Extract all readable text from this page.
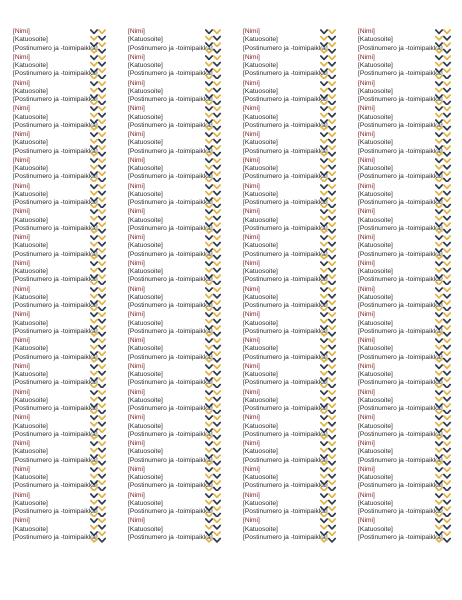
[Nimi]
[Katuosoite]
[Postinumero ja -toimipaikka]
[Nimi]
[Katuosoite]
[Postinumero ja -toimipaikka]
[Nimi]
[Katuosoite]
[Postinumero ja -toimipaikka]
[Nimi]
[Katuosoite]
[Postinumero ja -toimipaikka]
[Nimi]
[Katuosoite]
[Postinumero ja -toimipaikka]
[Nimi]
[Katuosoite]
[Postinumero ja -toimipaikka]
[Nimi]
[Katuosoite]
[Postinumero ja -toimipaikka]
[Nimi]
[Katuosoite]
[Postinumero ja -toimipaikka]
[Nimi]
[Katuosoite]
[Postinumero ja -toimipaikka]
[Nimi]
[Katuosoite]
[Postinumero ja -toimipaikka]
[Nimi]
[Katuosoite]
[Postinumero ja -toimipaikka]
[Nimi]
[Katuosoite]
[Postinumero ja -toimipaikka]
[Nimi]
[Katuosoite]
[Postinumero ja -toimipaikka]
[Nimi]
[Katuosoite]
[Postinumero ja -toimipaikka]
[Nimi]
[Katuosoite]
[Postinumero ja -toimipaikka]
[Nimi]
[Katuosoite]
[Postinumero ja -toimipaikka]
[Nimi]
[Katuosoite]
[Postinumero ja -toimipaikka]
[Nimi]
[Katuosoite]
[Postinumero ja -toimipaikka]
[Nimi]
[Katuosoite]
[Postinumero ja -toimipaikka]
[Nimi]
[Katuosoite]
[Postinumero ja -toimipaikka]
[Nimi]
[Katuosoite]
[Postinumero ja -toimipaikka]
[Nimi]
[Katuosoite]
[Postinumero ja -toimipaikka]
[Nimi]
[Katuosoite]
[Postinumero ja -toimipaikka]
[Nimi]
[Katuosoite]
[Postinumero ja -toimipaikka]
[Nimi]
[Katuosoite]
[Postinumero ja -toimipaikka]
[Nimi]
[Katuosoite]
[Postinumero ja -toimipaikka]
[Nimi]
[Katuosoite]
[Postinumero ja -toimipaikka]
[Nimi]
[Katuosoite]
[Postinumero ja -toimipaikka]
[Nimi]
[Katuosoite]
[Postinumero ja -toimipaikka]
[Nimi]
[Katuosoite]
[Postinumero ja -toimipaikka]
[Nimi]
[Katuosoite]
[Postinumero ja -toimipaikka]
[Nimi]
[Katuosoite]
[Postinumero ja -toimipaikka]
[Nimi]
[Katuosoite]
[Postinumero ja -toimipaikka]
[Nimi]
[Katuosoite]
[Postinumero ja -toimipaikka]
[Nimi]
[Katuosoite]
[Postinumero ja -toimipaikka]
[Nimi]
[Katuosoite]
[Postinumero ja -toimipaikka]
[Nimi]
[Katuosoite]
[Postinumero ja -toimipaikka]
[Nimi]
[Katuosoite]
[Postinumero ja -toimipaikka]
[Nimi]
[Katuosoite]
[Postinumero ja -toimipaikka]
[Nimi]
[Katuosoite]
[Postinumero ja -toimipaikka]
[Nimi]
[Katuosoite]
[Postinumero ja -toimipaikka]
[Nimi]
[Katuosoite]
[Postinumero ja -toimipaikka]
[Nimi]
[Katuosoite]
[Postinumero ja -toimipaikka]
[Nimi]
[Katuosoite]
[Postinumero ja -toimipaikka]
[Nimi]
[Katuosoite]
[Postinumero ja -toimipaikka]
[Nimi]
[Katuosoite]
[Postinumero ja -toimipaikka]
[Nimi]
[Katuosoite]
[Postinumero ja -toimipaikka]
[Nimi]
[Katuosoite]
[Postinumero ja -toimipaikka]
[Nimi]
[Katuosoite]
[Postinumero ja -toimipaikka]
[Nimi]
[Katuosoite]
[Postinumero ja -toimipaikka]
[Nimi]
[Katuosoite]
[Postinumero ja -toimipaikka]
[Nimi]
[Katuosoite]
[Postinumero ja -toimipaikka]
[Nimi]
[Katuosoite]
[Postinumero ja -toimipaikka]
[Nimi]
[Katuosoite]
[Postinumero ja -toimipaikka]
[Nimi]
[Katuosoite]
[Postinumero ja -toimipaikka]
[Nimi]
[Katuosoite]
[Postinumero ja -toimipaikka]
[Nimi]
[Katuosoite]
[Postinumero ja -toimipaikka]
[Nimi]
[Katuosoite]
[Postinumero ja -toimipaikka]
[Nimi]
[Katuosoite]
[Postinumero ja -toimipaikka]
[Nimi]
[Katuosoite]
[Postinumero ja -toimipaikka]
[Nimi]
[Katuosoite]
[Postinumero ja -toimipaikka]
[Nimi]
[Katuosoite]
[Postinumero ja -toimipaikka]
[Nimi]
[Katuosoite]
[Postinumero ja -toimipaikka]
[Nimi]
[Katuosoite]
[Postinumero ja -toimipaikka]
[Nimi]
[Katuosoite]
[Postinumero ja -toimipaikka]
[Nimi]
[Katuosoite]
[Postinumero ja -toimipaikka]
[Nimi]
[Katuosoite]
[Postinumero ja -toimipaikka]
[Nimi]
[Katuosoite]
[Postinumero ja -toimipaikka]
[Nimi]
[Katuosoite]
[Postinumero ja -toimipaikka]
[Nimi]
[Katuosoite]
[Postinumero ja -toimipaikka]
[Nimi]
[Katuosoite]
[Postinumero ja -toimipaikka]
[Nimi]
[Katuosoite]
[Postinumero ja -toimipaikka]
[Nimi]
[Katuosoite]
[Postinumero ja -toimipaikka]
[Nimi]
[Katuosoite]
[Postinumero ja -toimipaikka]
[Nimi]
[Katuosoite]
[Postinumero ja -toimipaikka]
[Nimi]
[Katuosoite]
[Postinumero ja -toimipaikka]
[Nimi]
[Katuosoite]
[Postinumero ja -toimipaikka]
[Nimi]
[Katuosoite]
[Postinumero ja -toimipaikka]
[Nimi]
[Katuosoite]
[Postinumero ja -toimipaikka]
[Nimi]
[Katuosoite]
[Postinumero ja -toimipaikka]
